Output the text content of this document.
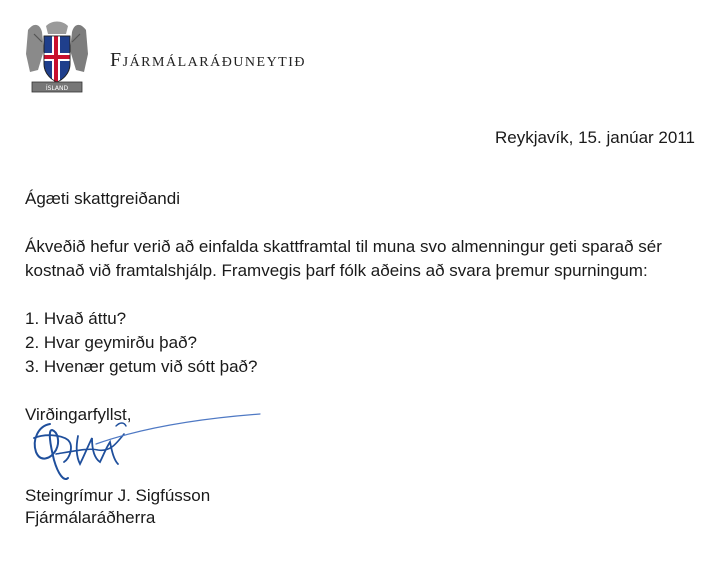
ÍSLAND
Fjármálaráðuneytið
Reykjavík, 15. janúar 2011

Ágæti skattgreiðandi

Ákveðið hefur verið að einfalda skattframtal til muna svo almenningur geti sparað sér kostnað við framtalshjálp. Framvegis þarf fólk aðeins að svara þremur spurningum:

1. Hvað áttu?
2. Hvar geymirðu það?
3. Hvenær getum við sótt það?

Virðingarfyllst,

Steingrímur J. Sigfússon

Fjármálaráðherra
